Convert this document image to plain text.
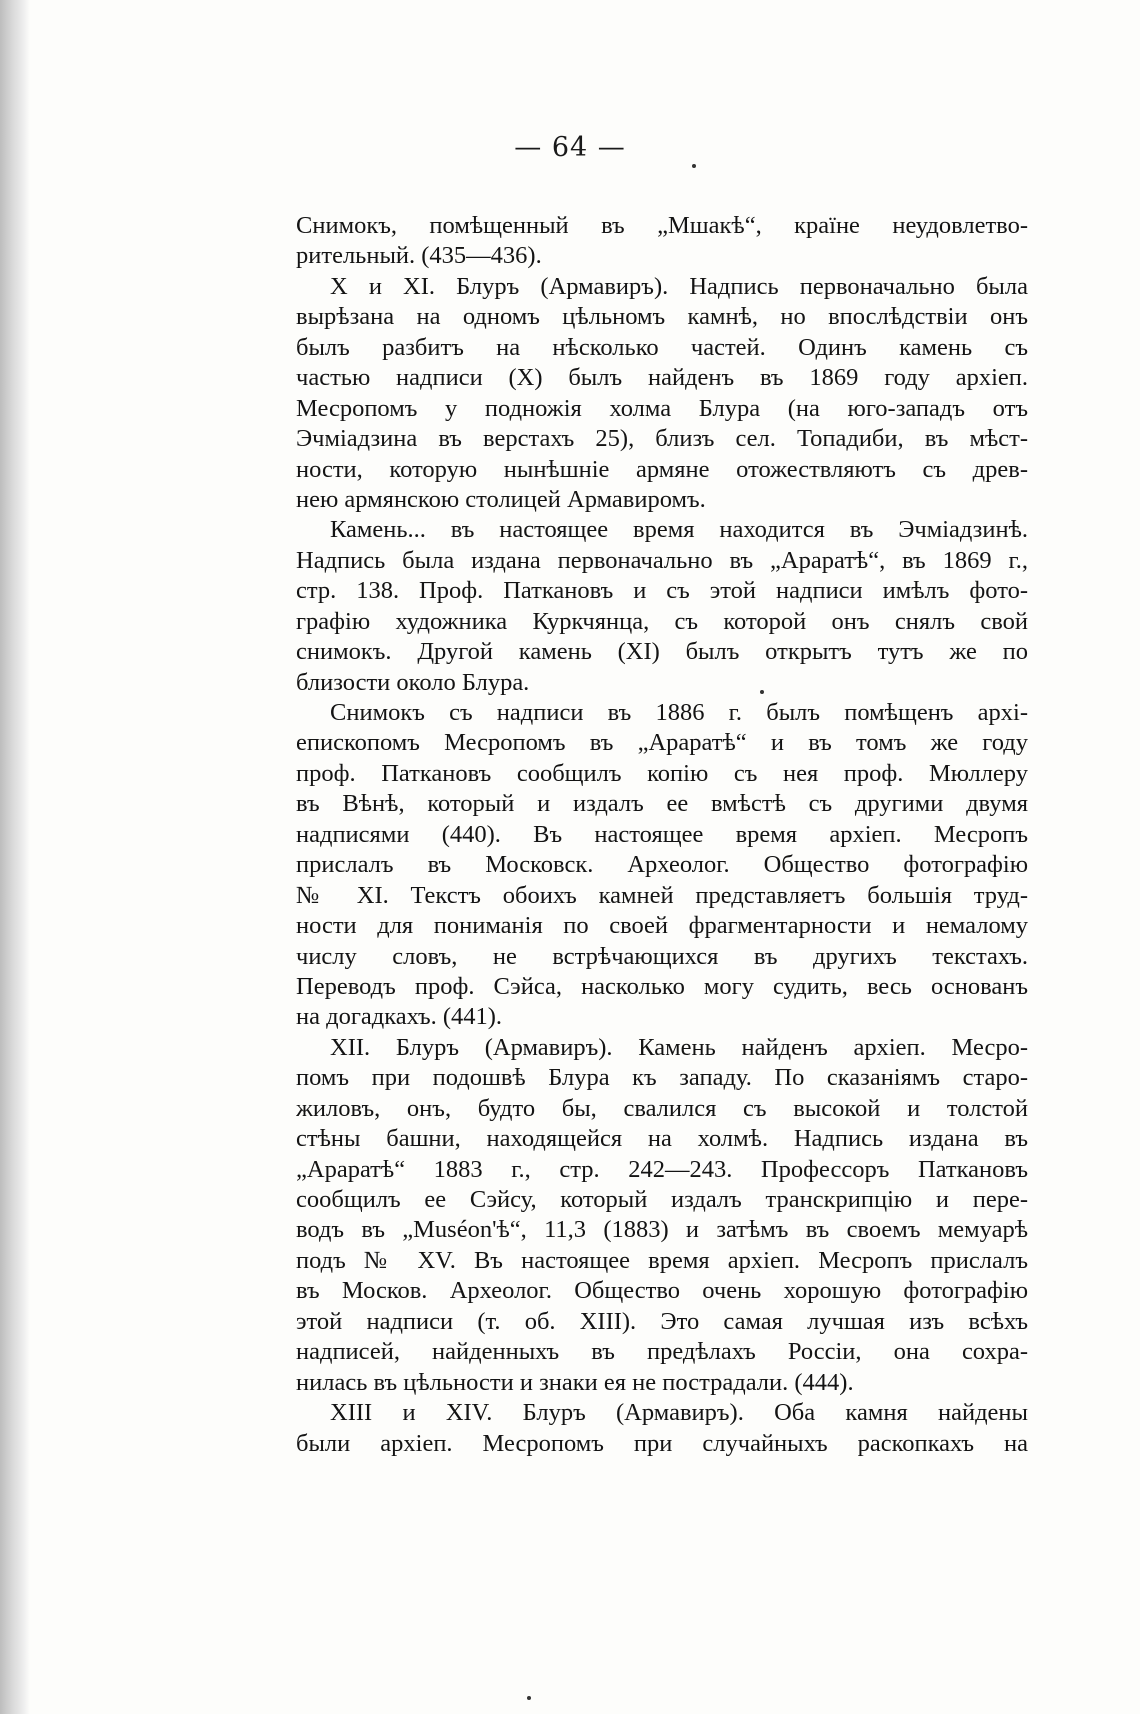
— 64 —
Снимокъ, помѣщенный въ „Мшакѣ“, країне неудовлетво-
рительный. (435—436).
X и XI. Блуръ (Армавиръ). Надпись первоначально была
вырѣзана на одномъ цѣльномъ камнѣ, но впослѣдствіи онъ
былъ разбитъ на нѣсколько частей. Одинъ камень съ
частью надписи (X) былъ найденъ въ 1869 году архіеп.
Месропомъ у подножія холма Блура (на юго-западъ отъ
Эчміадзина въ верстахъ 25), близъ сел. Топадиби, въ мѣст-
ности, которую нынѣшніе армяне отожествляютъ съ древ-
нею армянскою столицей Армавиромъ.
Камень... въ настоящее время находится въ Эчміадзинѣ.
Надпись была издана первоначально въ „Араратѣ“, въ 1869 г.,
стр. 138. Проф. Паткановъ и съ этой надписи имѣлъ фото-
графію художника Куркчянца, съ которой онъ снялъ свой
снимокъ. Другой камень (XI) былъ открытъ тутъ же по
близости около Блура.
Снимокъ съ надписи въ 1886 г. былъ помѣщенъ архі-
епископомъ Месропомъ въ „Араратѣ“ и въ томъ же году
проф. Паткановъ сообщилъ копію съ нея проф. Мюллеру
въ Вѣнѣ, который и издалъ ее вмѣстѣ съ другими двумя
надписями (440). Въ настоящее время архіеп. Месропъ
прислалъ въ Московск. Археолог. Общество фотографію
№ XI. Текстъ обоихъ камней представляетъ большія труд-
ности для пониманія по своей фрагментарности и немалому
числу словъ, не встрѣчающихся въ другихъ текстахъ.
Переводъ проф. Сэйса, насколько могу судить, весь основанъ
на догадкахъ. (441).
XII. Блуръ (Армавиръ). Камень найденъ архіеп. Месро-
помъ при подошвѣ Блура къ западу. По сказаніямъ старо-
жиловъ, онъ, будто бы, свалился съ высокой и толстой
стѣны башни, находящейся на холмѣ. Надпись издана въ
„Араратѣ“ 1883 г., стр. 242—243. Профессоръ Паткановъ
сообщилъ ее Сэйсу, который издалъ транскрипцію и пере-
водъ въ „Muséon'ѣ“, 11,3 (1883) и затѣмъ въ своемъ мемуарѣ
подъ № XV. Въ настоящее время архіеп. Месропъ прислалъ
въ Москов. Археолог. Общество очень хорошую фотографію
этой надписи (т. об. XIII). Это самая лучшая изъ всѣхъ
надписей, найденныхъ въ предѣлахъ Россіи, она сохра-
нилась въ цѣльности и знаки ея не пострадали. (444).
XIII и XIV. Блуръ (Армавиръ). Оба камня найдены
были архіеп. Месропомъ при случайныхъ раскопкахъ на
